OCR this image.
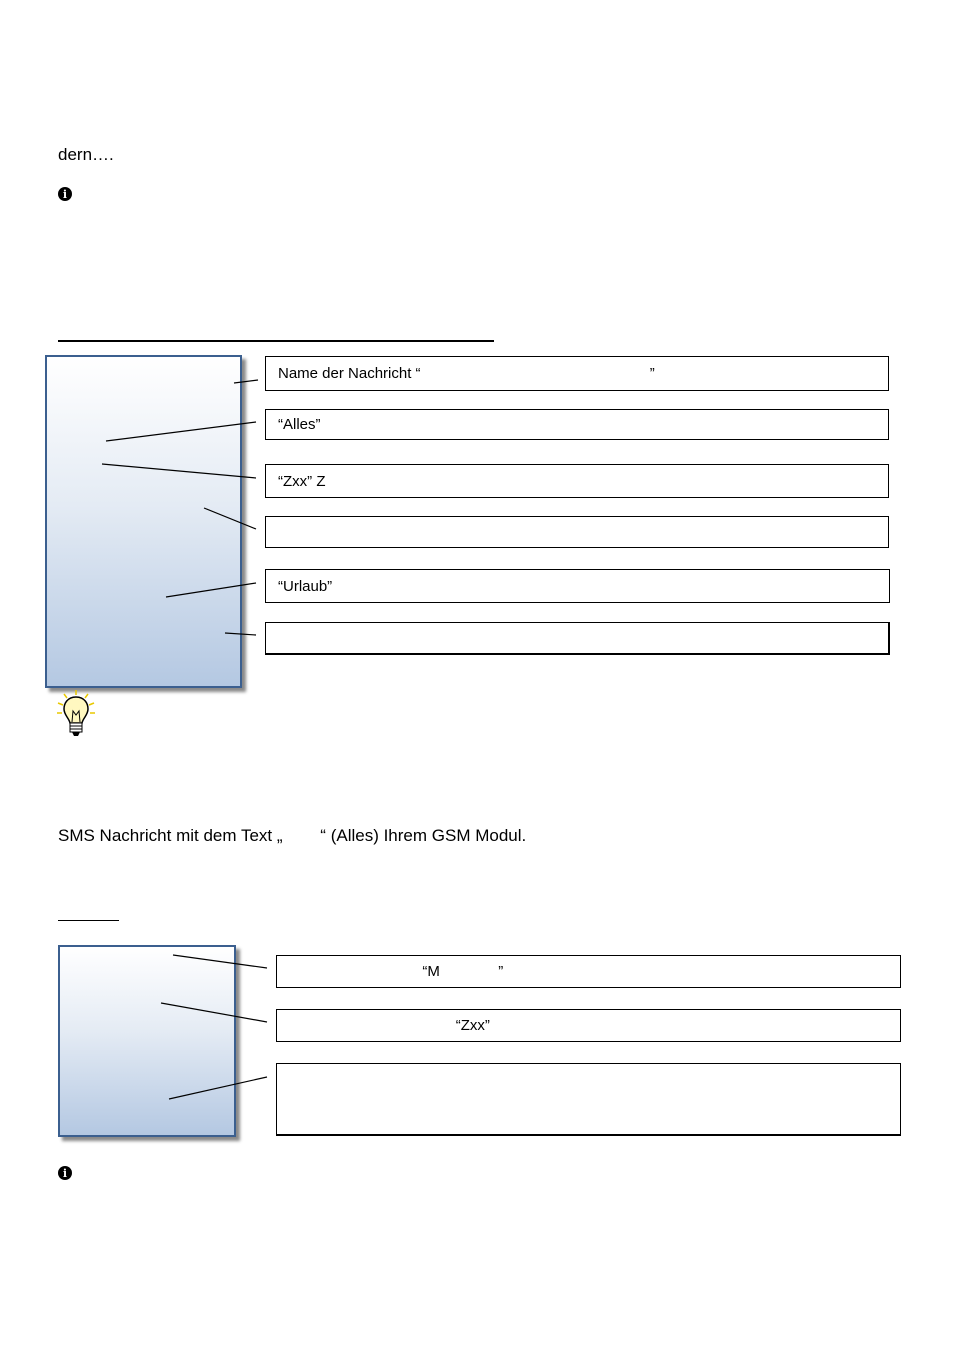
dern….
i
Name der Nachricht “                                                       ”
“Alles”
“Zxx” Z
“Urlaub”
SMS Nachricht mit dem Text „        “ (Alles) Ihrem GSM Modul.
“M              ”
“Zxx”
i
